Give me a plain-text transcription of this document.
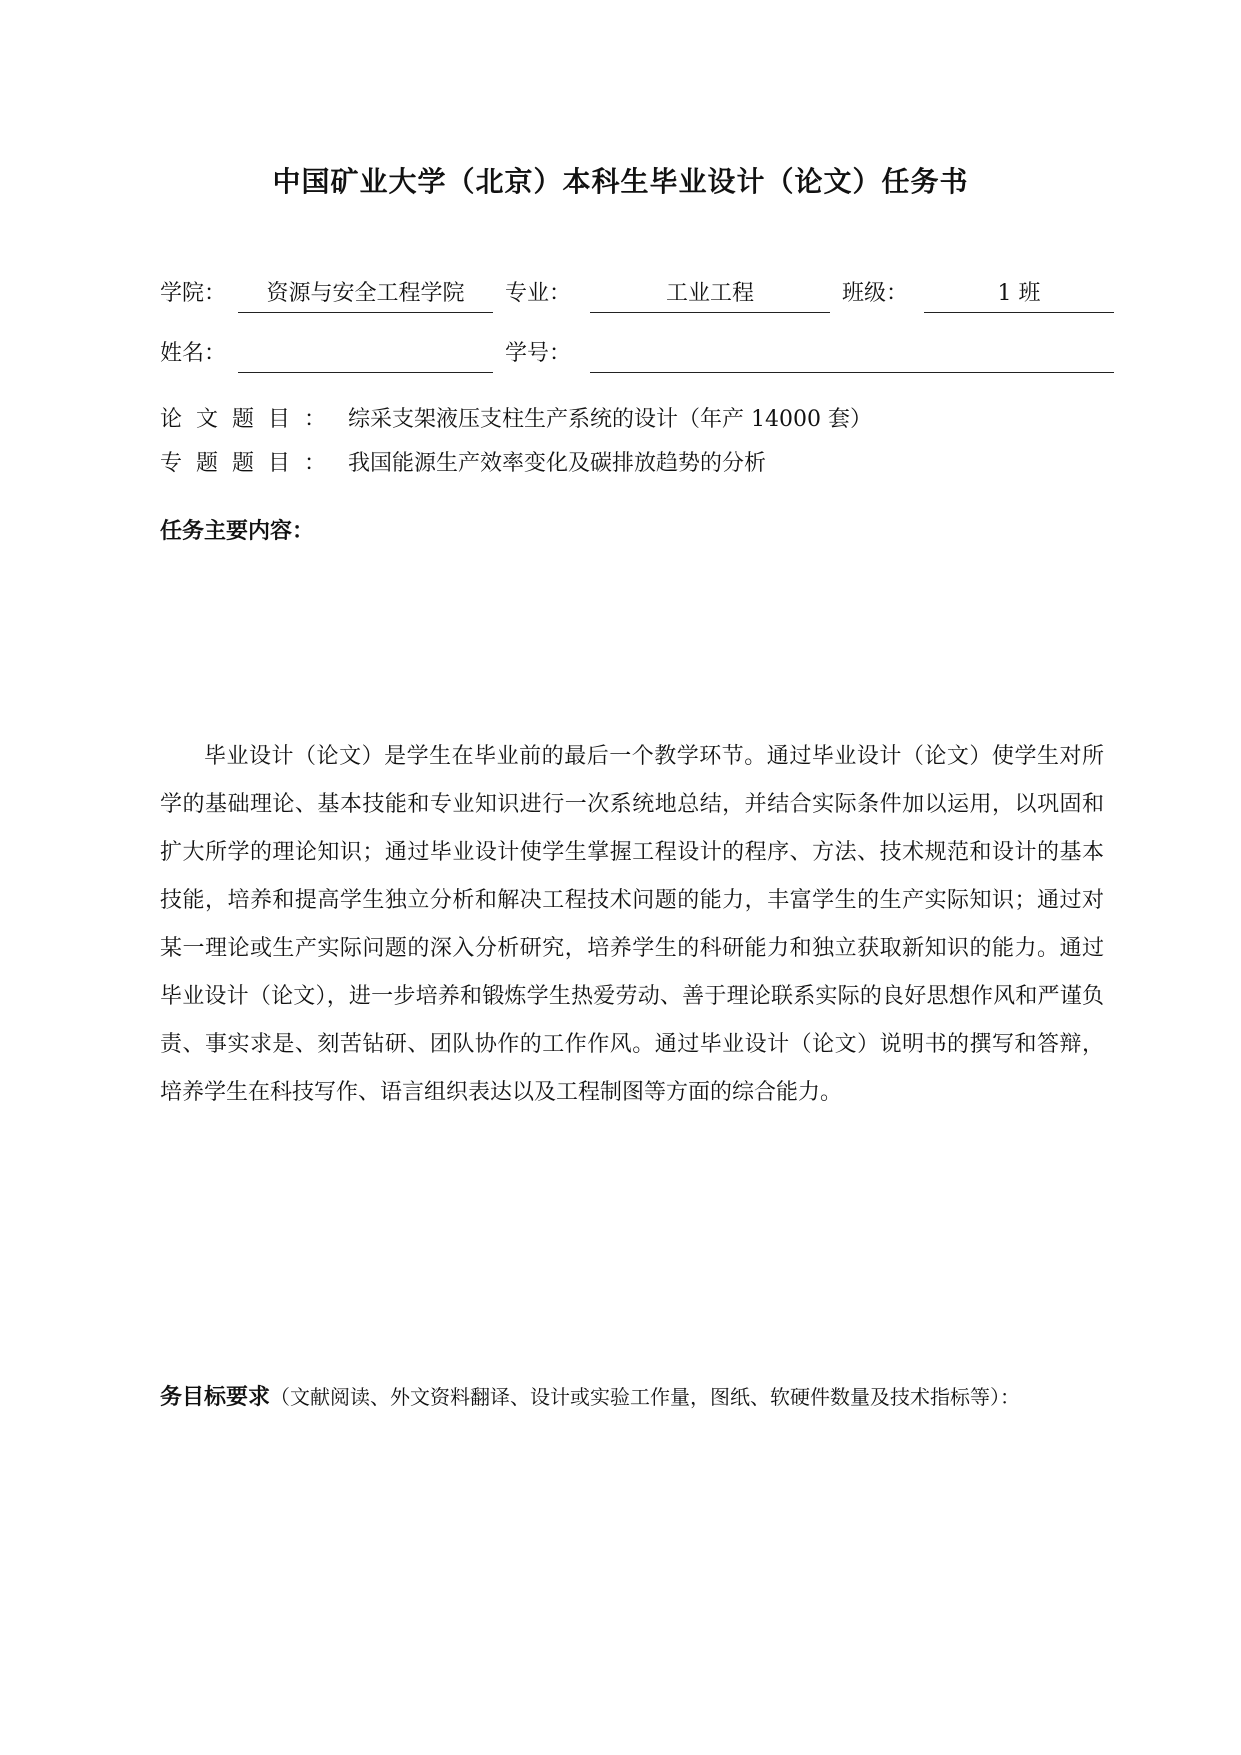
中国矿业大学（北京）本科生毕业设计（论文）任务书
学院：	资源与安全工程学院	专业：	工业工程	班级：	1 班
姓名：	学号：
论文题目： 综采支架液压支柱生产系统的设计（年产 14000 套）
专题题目： 我国能源生产效率变化及碳排放趋势的分析
任务主要内容：

毕业设计（论文）是学生在毕业前的最后一个教学环节。通过毕业设计（论文）使学生对所学的基础理论、基本技能和专业知识进行一次系统地总结，并结合实际条件加以运用，以巩固和扩大所学的理论知识；通过毕业设计使学生掌握工程设计的程序、方法、技术规范和设计的基本技能，培养和提高学生独立分析和解决工程技术问题的能力，丰富学生的生产实际知识；通过对某一理论或生产实际问题的深入分析研究，培养学生的科研能力和独立获取新知识的能力。通过毕业设计（论文），进一步培养和锻炼学生热爱劳动、善于理论联系实际的良好思想作风和严谨负责、事实求是、刻苦钻研、团队协作的工作作风。通过毕业设计（论文）说明书的撰写和答辩，培养学生在科技写作、语言组织表达以及工程制图等方面的综合能力。

务目标要求（文献阅读、外文资料翻译、设计或实验工作量，图纸、软硬件数量及技术指标等）：
